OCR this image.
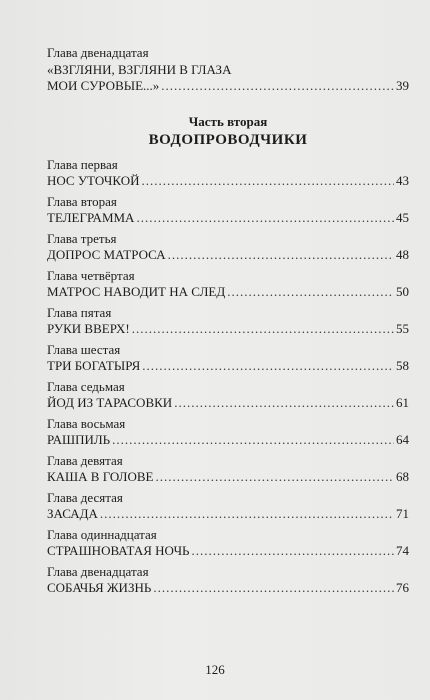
Глава двенадцатая
«ВЗГЛЯНИ, ВЗГЛЯНИ В ГЛАЗА
МОИ СУРОВЫЕ...» .....	39
Часть вторая
ВОДОПРОВОДЧИКИ
Глава первая
НОС УТОЧКОЙ .....	43
Глава вторая
ТЕЛЕГРАММА .....	45
Глава третья
ДОПРОС МАТРОСА .....	48
Глава четвёртая
МАТРОС НАВОДИТ НА СЛЕД .....	50
Глава пятая
РУКИ ВВЕРХ! .....	55
Глава шестая
ТРИ БОГАТЫРЯ .....	58
Глава седьмая
ЙОД ИЗ ТАРАСОВКИ .....	61
Глава восьмая
РАШПИЛЬ .....	64
Глава девятая
КАША В ГОЛОВЕ .....	68
Глава десятая
ЗАСАДА .....	71
Глава одиннадцатая
СТРАШНОВАТАЯ НОЧЬ .....	74
Глава двенадцатая
СОБАЧЬЯ ЖИЗНЬ .....	76
126
